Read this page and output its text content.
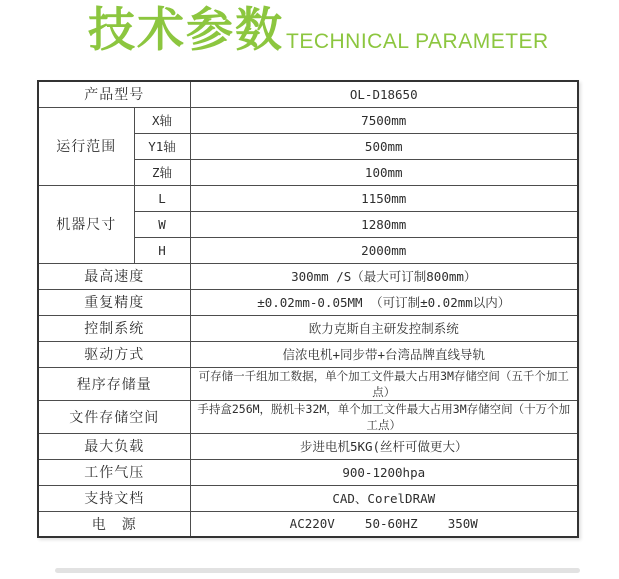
技术参数 TECHNICAL PARAMETER
产品型号		OL-D18650
运行范围	X轴	7500mm
	Y1轴	500mm
	Z轴	100mm
机器尺寸	L	1150mm
	W	1280mm
	H	2000mm
最高速度		300mm /S（最大可订制800mm）
重复精度		±0.02mm-0.05MM （可订制±0.02mm以内）
控制系统		欧力克斯自主研发控制系统
驱动方式		信浓电机+同步带+台湾品牌直线导轨
程序存储量		可存储一千组加工数据，单个加工文件最大占用3M存储空间（五千个加工点）
文件存储空间		手持盒256M，脱机卡32M，单个加工文件最大占用3M存储空间（十万个加工点）
最大负载		步进电机5KG(丝杆可做更大）
工作气压		900-1200hpa
支持文档		CAD、CorelDRAW
电　源		AC220V    50-60HZ    350W
